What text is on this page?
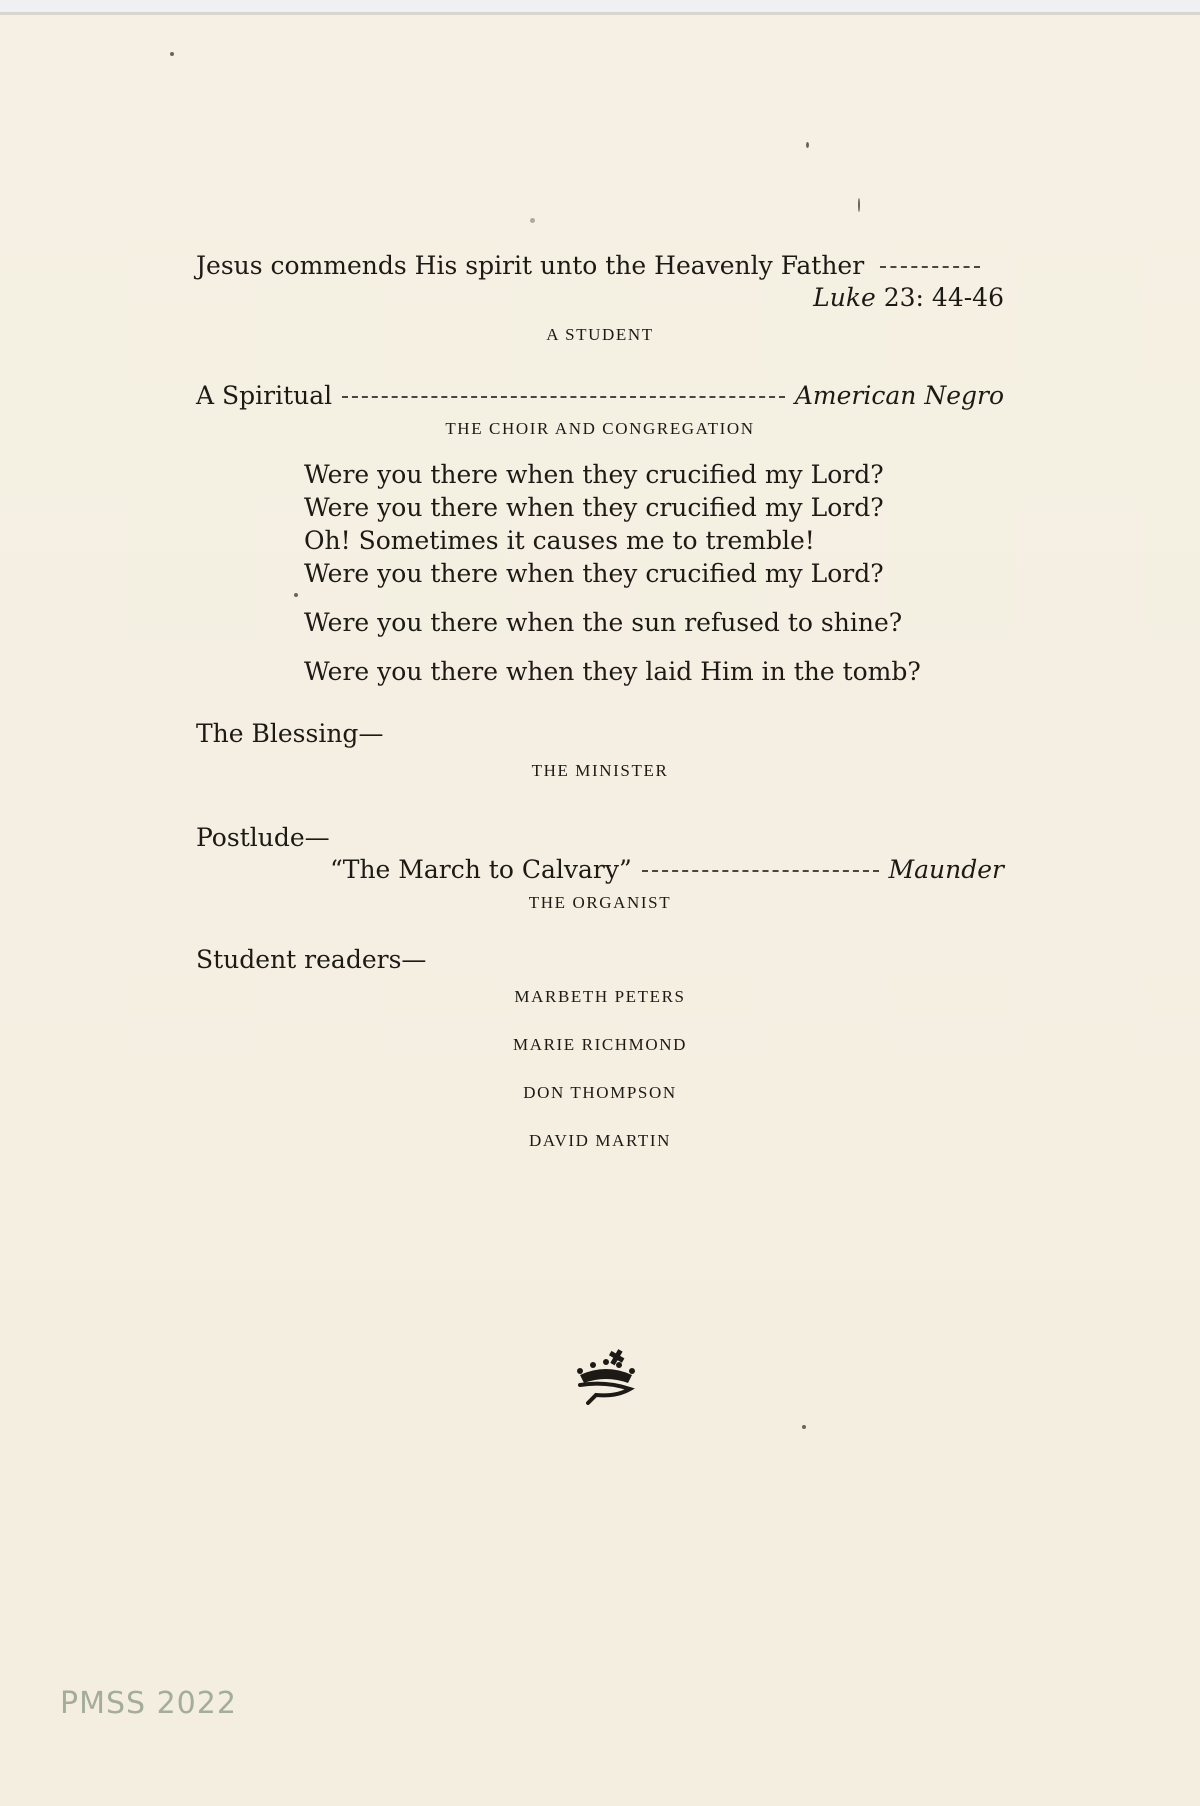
Jesus commends His spirit unto the Heavenly Father
Luke 23: 44-46
A STUDENT
A Spiritual	American Negro
THE CHOIR AND CONGREGATION
Were you there when they crucified my Lord?
Were you there when they crucified my Lord?
Oh! Sometimes it causes me to tremble!
Were you there when they crucified my Lord?
Were you there when the sun refused to shine?
Were you there when they laid Him in the tomb?
The Blessing—
THE MINISTER
Postlude—
“The March to Calvary”	Maunder
THE ORGANIST
Student readers—
MARBETH PETERS
MARIE RICHMOND
DON THOMPSON
DAVID MARTIN
PMSS 2022
